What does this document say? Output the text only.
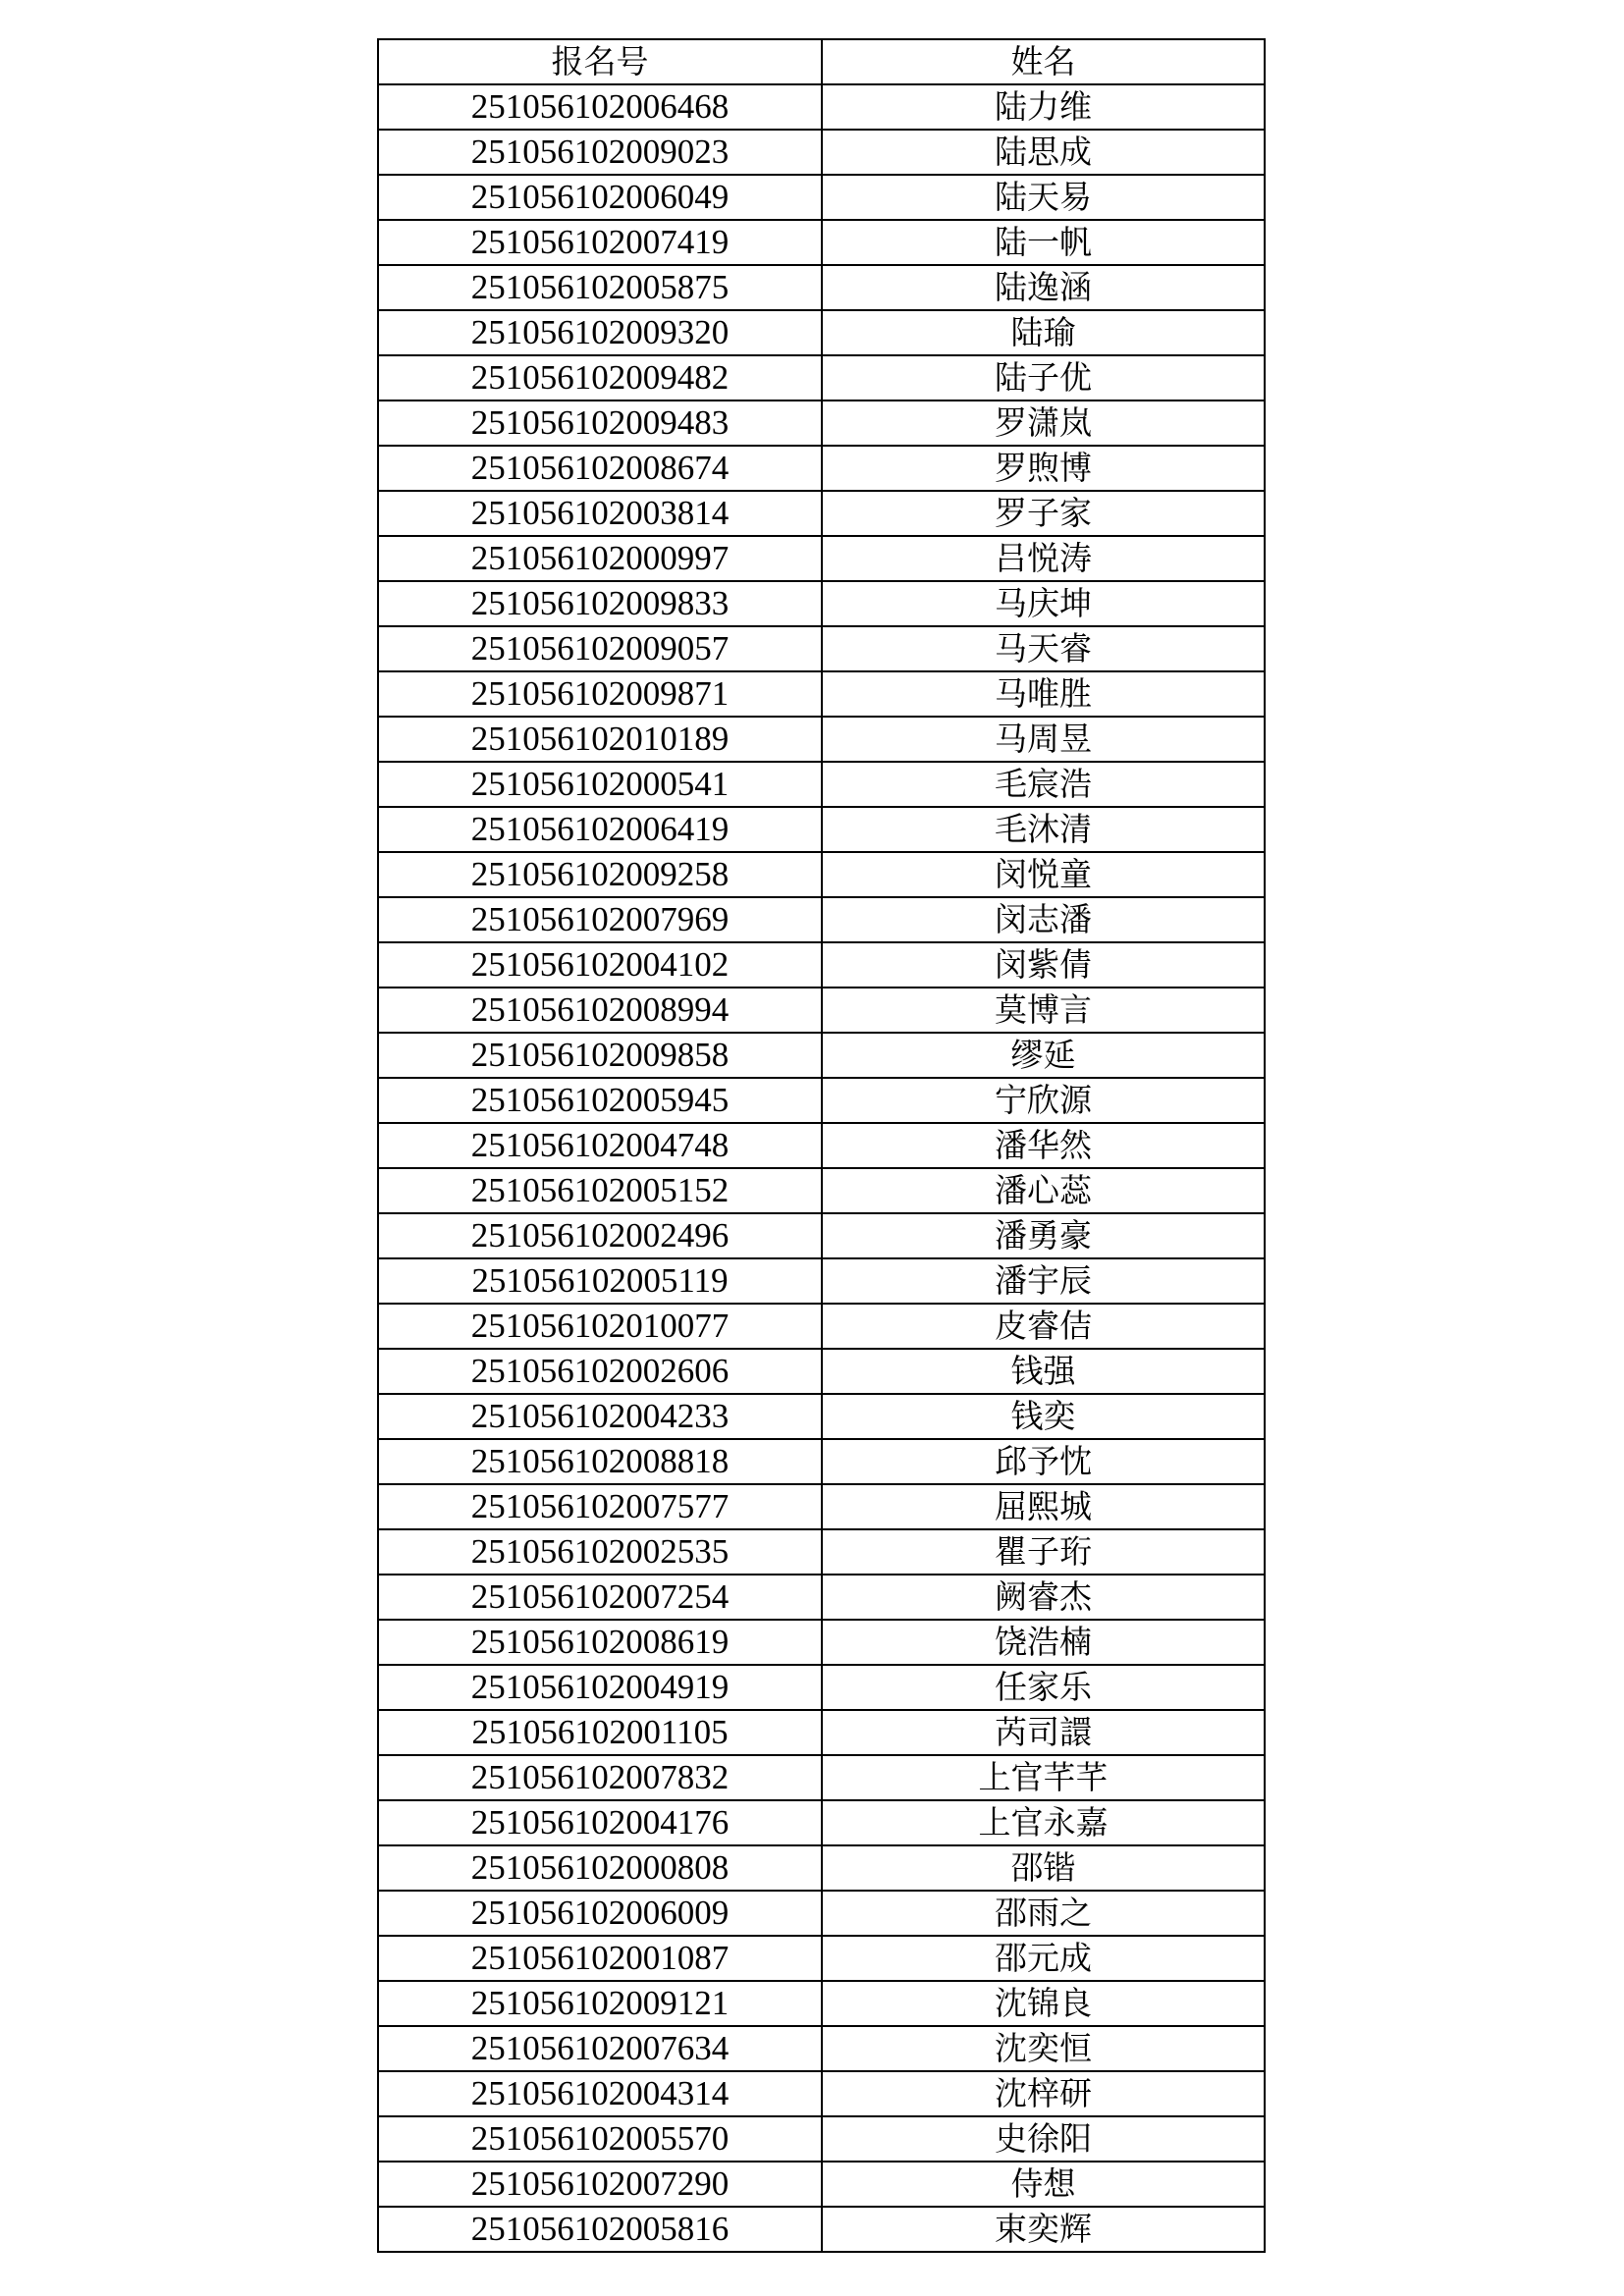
报名号	姓名
251056102006468	陆力维
251056102009023	陆思成
251056102006049	陆天易
251056102007419	陆一帆
251056102005875	陆逸涵
251056102009320	陆瑜
251056102009482	陆子优
251056102009483	罗潇岚
251056102008674	罗煦博
251056102003814	罗子家
251056102000997	吕悦涛
251056102009833	马庆坤
251056102009057	马天睿
251056102009871	马唯胜
251056102010189	马周昱
251056102000541	毛宸浩
251056102006419	毛沐清
251056102009258	闵悦童
251056102007969	闵志潘
251056102004102	闵紫倩
251056102008994	莫博言
251056102009858	缪延
251056102005945	宁欣源
251056102004748	潘华然
251056102005152	潘心蕊
251056102002496	潘勇豪
251056102005119	潘宇辰
251056102010077	皮睿佶
251056102002606	钱强
251056102004233	钱奕
251056102008818	邱予忱
251056102007577	屈熙城
251056102002535	瞿子珩
251056102007254	阙睿杰
251056102008619	饶浩楠
251056102004919	任家乐
251056102001105	芮司譞
251056102007832	上官芊芊
251056102004176	上官永嘉
251056102000808	邵锴
251056102006009	邵雨之
251056102001087	邵元成
251056102009121	沈锦良
251056102007634	沈奕恒
251056102004314	沈梓研
251056102005570	史徐阳
251056102007290	侍想
251056102005816	束奕辉
